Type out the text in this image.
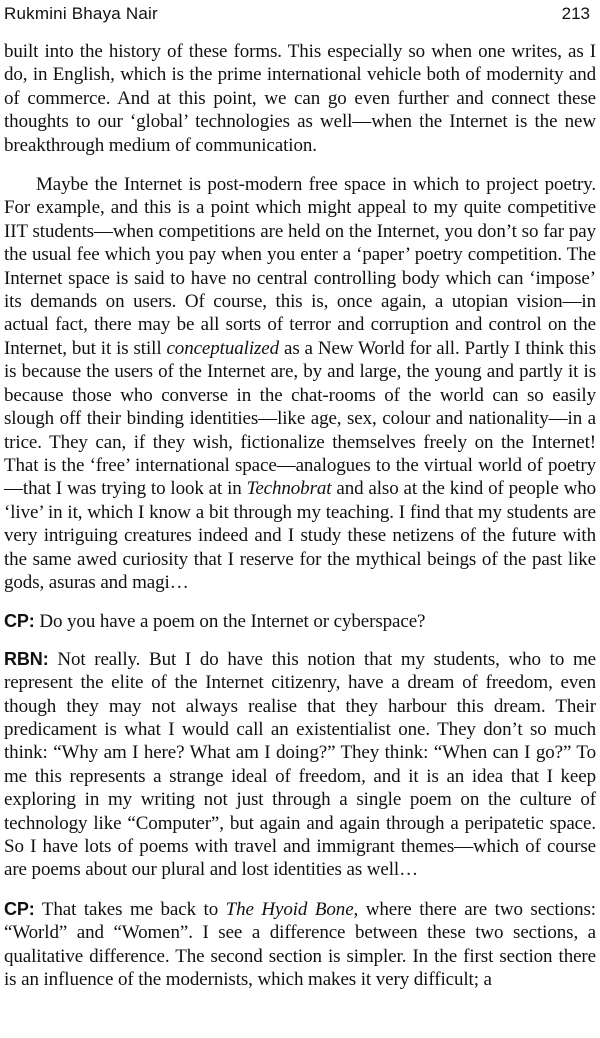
Rukmini Bhaya Nair	213

built into the history of these forms. This especially so when one writes, as I do, in English, which is the prime international vehicle both of modernity and of commerce. And at this point, we can go even further and connect these thoughts to our ‘global’ technologies as well—when the Internet is the new breakthrough medium of communication.

Maybe the Internet is post-modern free space in which to project poetry. For example, and this is a point which might appeal to my quite competitive IIT students—when competitions are held on the Internet, you don’t so far pay the usual fee which you pay when you enter a ‘paper’ poetry competition. The Internet space is said to have no central controlling body which can ‘impose’ its demands on users. Of course, this is, once again, a utopian vision—in actual fact, there may be all sorts of terror and corruption and control on the Internet, but it is still conceptualized as a New World for all. Partly I think this is because the users of the Internet are, by and large, the young and partly it is because those who converse in the chat-rooms of the world can so easily slough off their binding identities—like age, sex, colour and nationality—in a trice. They can, if they wish, fictionalize themselves freely on the Internet! That is the ‘free’ international space—analogues to the virtual world of poetry—that I was trying to look at in Technobrat and also at the kind of people who ‘live’ in it, which I know a bit through my teaching. I find that my students are very intriguing creatures indeed and I study these netizens of the future with the same awed curiosity that I reserve for the mythical beings of the past like gods, asuras and magi…

CP: Do you have a poem on the Internet or cyberspace?

RBN: Not really. But I do have this notion that my students, who to me represent the elite of the Internet citizenry, have a dream of freedom, even though they may not always realise that they harbour this dream. Their predicament is what I would call an existentialist one. They don’t so much think: “Why am I here? What am I doing?” They think: “When can I go?” To me this represents a strange ideal of freedom, and it is an idea that I keep exploring in my writing not just through a single poem on the culture of technology like “Computer”, but again and again through a peripatetic space. So I have lots of poems with travel and immigrant themes—which of course are poems about our plural and lost identities as well…

CP: That takes me back to The Hyoid Bone, where there are two sections: “World” and “Women”. I see a difference between these two sections, a qualitative difference. The second section is simpler. In the first section there is an influence of the modernists, which makes it very difficult; a
